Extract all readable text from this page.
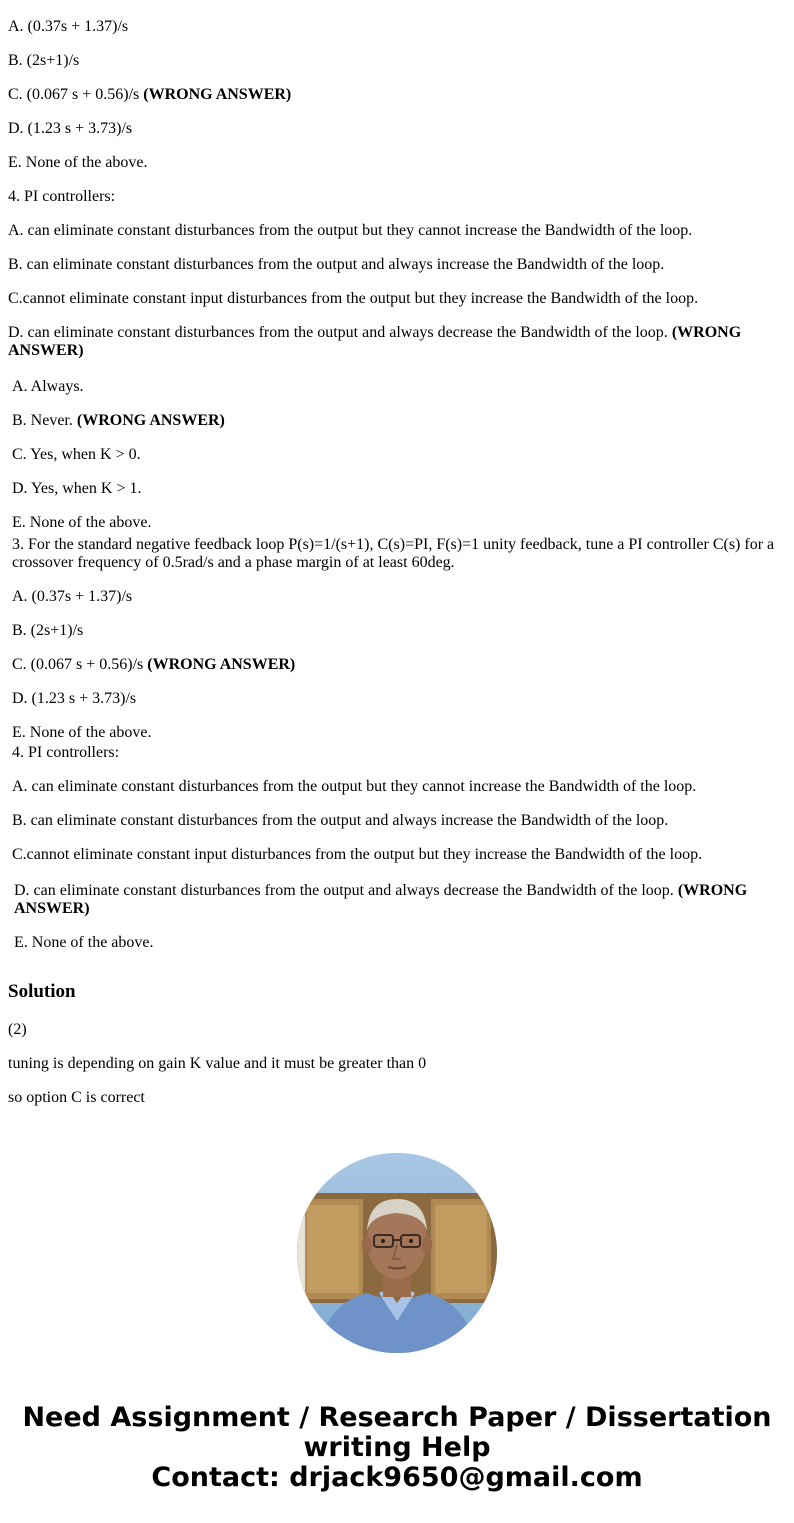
A. (0.37s + 1.37)/s

B. (2s+1)/s

C. (0.067 s + 0.56)/s (WRONG ANSWER)

D. (1.23 s + 3.73)/s

E. None of the above.

4. PI controllers:

A. can eliminate constant disturbances from the output but they cannot increase the Bandwidth of the loop.

B. can eliminate constant disturbances from the output and always increase the Bandwidth of the loop.

C.cannot eliminate constant input disturbances from the output but they increase the Bandwidth of the loop.

D. can eliminate constant disturbances from the output and always decrease the Bandwidth of the loop. (WRONG ANSWER)

A. Always.

B. Never. (WRONG ANSWER)

C. Yes, when K > 0.

D. Yes, when K > 1.

E. None of the above.

3. For the standard negative feedback loop P(s)=1/(s+1), C(s)=PI, F(s)=1 unity feedback, tune a PI controller C(s) for a crossover frequency of 0.5rad/s and a phase margin of at least 60deg.

A. (0.37s + 1.37)/s

B. (2s+1)/s

C. (0.067 s + 0.56)/s (WRONG ANSWER)

D. (1.23 s + 3.73)/s

E. None of the above.

4. PI controllers:

A. can eliminate constant disturbances from the output but they cannot increase the Bandwidth of the loop.

B. can eliminate constant disturbances from the output and always increase the Bandwidth of the loop.

C.cannot eliminate constant input disturbances from the output but they increase the Bandwidth of the loop.

D. can eliminate constant disturbances from the output and always decrease the Bandwidth of the loop. (WRONG ANSWER)

E. None of the above.

Solution

(2)

tuning is depending on gain K value and it must be greater than 0

so option C is correct

Need Assignment / Research Paper / Dissertation
writing Help
Contact: drjack9650@gmail.com
